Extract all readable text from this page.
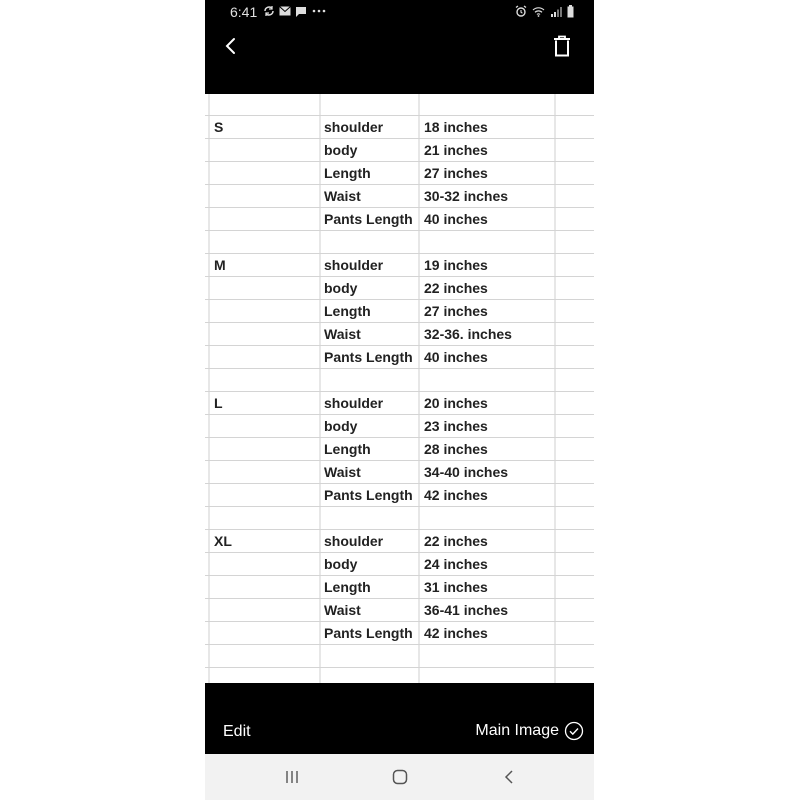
6:41
S	shoulder	18 inches
body	21 inches
Length	27 inches
Waist	30-32 inches
Pants Length 40 inches
M	shoulder	19 inches
body	22 inches
Length	27 inches
Waist	32-36. inches
Pants Length 40 inches
L	shoulder	20 inches
body	23 inches
Length	28 inches
Waist	34-40 inches
Pants Length 42 inches
XL	shoulder	22 inches
body	24 inches
Length	31 inches
Waist	36-41 inches
Pants Length 42 inches
Edit	Main Image
